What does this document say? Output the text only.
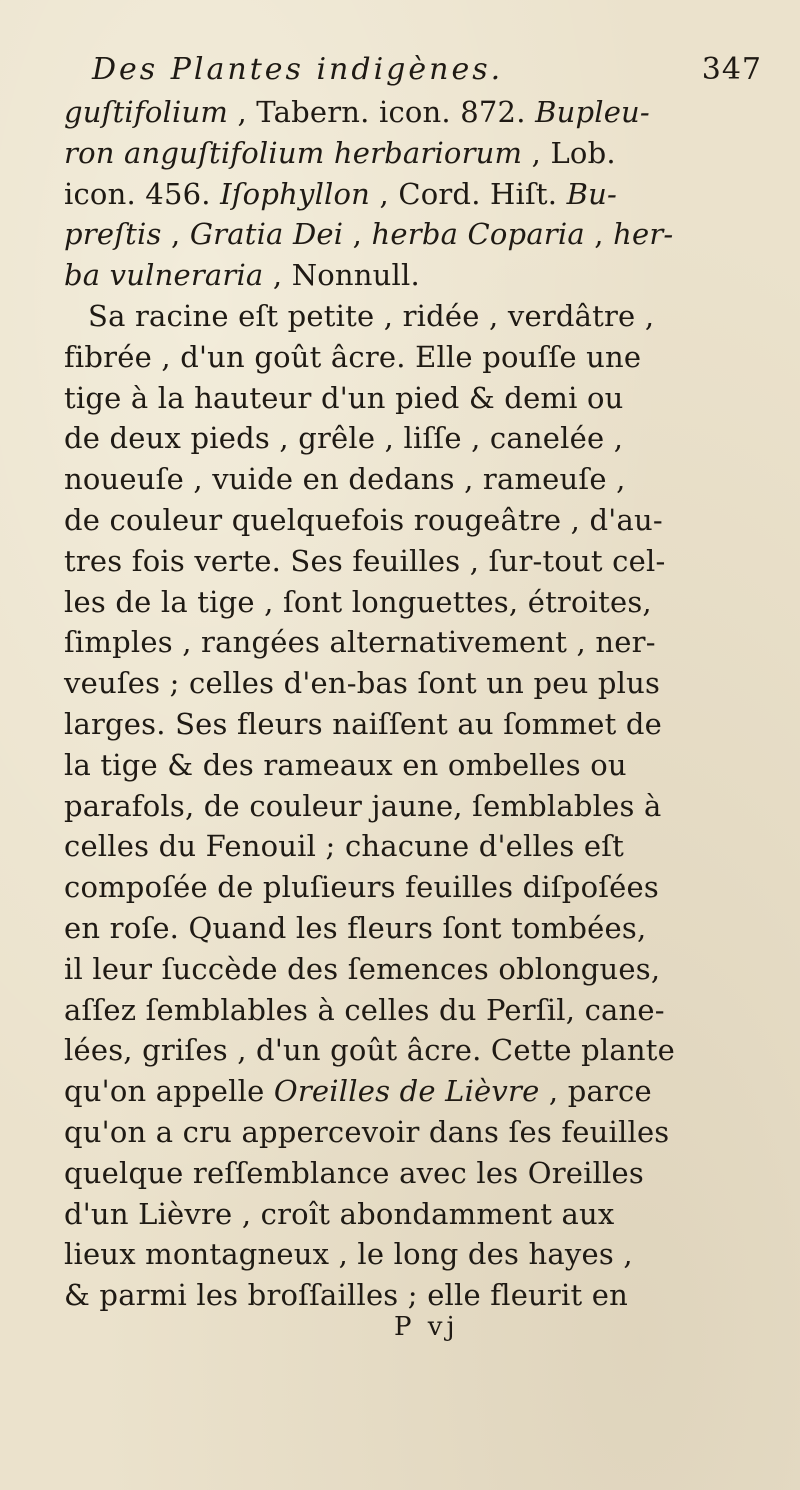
Des Plantes indigènes.	347
guſtifolium , Tabern. icon. 872. Bupleu-
ron anguſtifolium herbariorum , Lob.
icon. 456. Iſophyllon , Cord. Hiſt. Bu-
preſtis , Gratia Dei , herba Coparia , her-
ba vulneraria , Nonnull.
Sa racine eſt petite , ridée , verdâtre ,
fibrée , d'un goût âcre. Elle pouſſe une
tige à la hauteur d'un pied & demi ou
de deux pieds , grêle , liſſe , canelée ,
noueuſe , vuide en dedans , rameuſe ,
de couleur quelquefois rougeâtre , d'au-
tres fois verte. Ses feuilles , ſur-tout cel-
les de la tige , ſont longuettes, étroites,
ſimples , rangées alternativement , ner-
veuſes ; celles d'en-bas ſont un peu plus
larges. Ses fleurs naiſſent au ſommet de
la tige & des rameaux en ombelles ou
parafols, de couleur jaune, ſemblables à
celles du Fenouil ; chacune d'elles eſt
compoſée de pluſieurs feuilles diſpoſées
en roſe. Quand les fleurs ſont tombées,
il leur ſuccède des ſemences oblongues,
aſſez ſemblables à celles du Perſil, cane-
lées, griſes , d'un goût âcre. Cette plante
qu'on appelle Oreilles de Lièvre , parce
qu'on a cru appercevoir dans ſes feuilles
quelque reſſemblance avec les Oreilles
d'un Lièvre , croît abondamment aux
lieux montagneux , le long des hayes ,
& parmi les broſſailles ; elle fleurit en
P vj
